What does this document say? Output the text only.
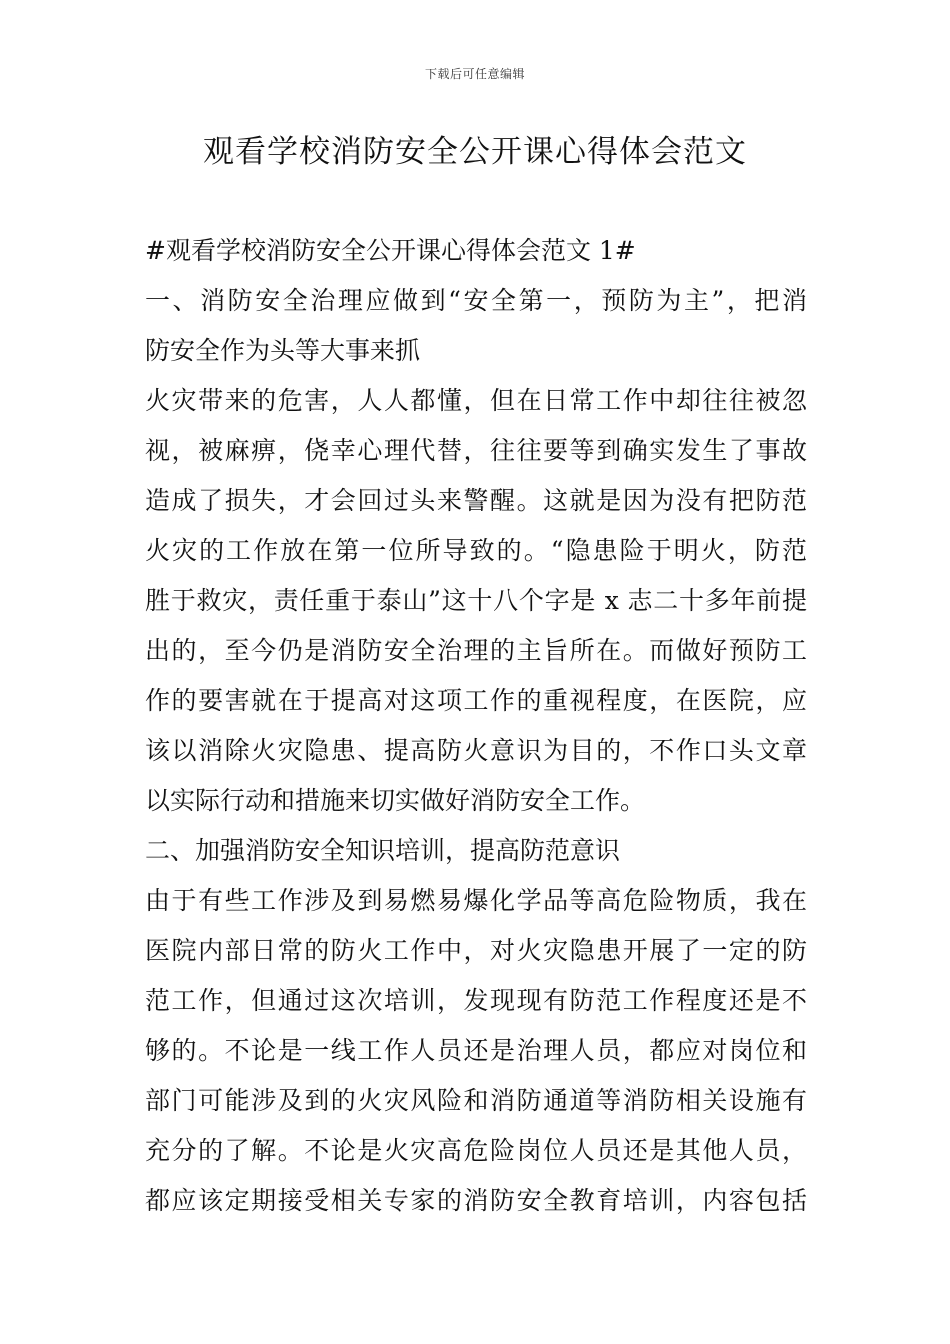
下载后可任意编辑
观看学校消防安全公开课心得体会范文
#观看学校消防安全公开课心得体会范文 1#
一、消防安全治理应做到“安全第一，预防为主”，把消
防安全作为头等大事来抓
火灾带来的危害，人人都懂，但在日常工作中却往往被忽
视，被麻痹，侥幸心理代替，往往要等到确实发生了事故
造成了损失，才会回过头来警醒。这就是因为没有把防范
火灾的工作放在第一位所导致的。“隐患险于明火，防范
胜于救灾，责任重于泰山”这十八个字是 x 志二十多年前提
出的，至今仍是消防安全治理的主旨所在。而做好预防工
作的要害就在于提高对这项工作的重视程度，在医院，应
该以消除火灾隐患、提高防火意识为目的，不作口头文章
以实际行动和措施来切实做好消防安全工作。
二、加强消防安全知识培训，提高防范意识
由于有些工作涉及到易燃易爆化学品等高危险物质，我在
医院内部日常的防火工作中，对火灾隐患开展了一定的防
范工作，但通过这次培训，发现现有防范工作程度还是不
够的。不论是一线工作人员还是治理人员，都应对岗位和
部门可能涉及到的火灾风险和消防通道等消防相关设施有
充分的了解。不论是火灾高危险岗位人员还是其他人员，
都应该定期接受相关专家的消防安全教育培训，内容包括
